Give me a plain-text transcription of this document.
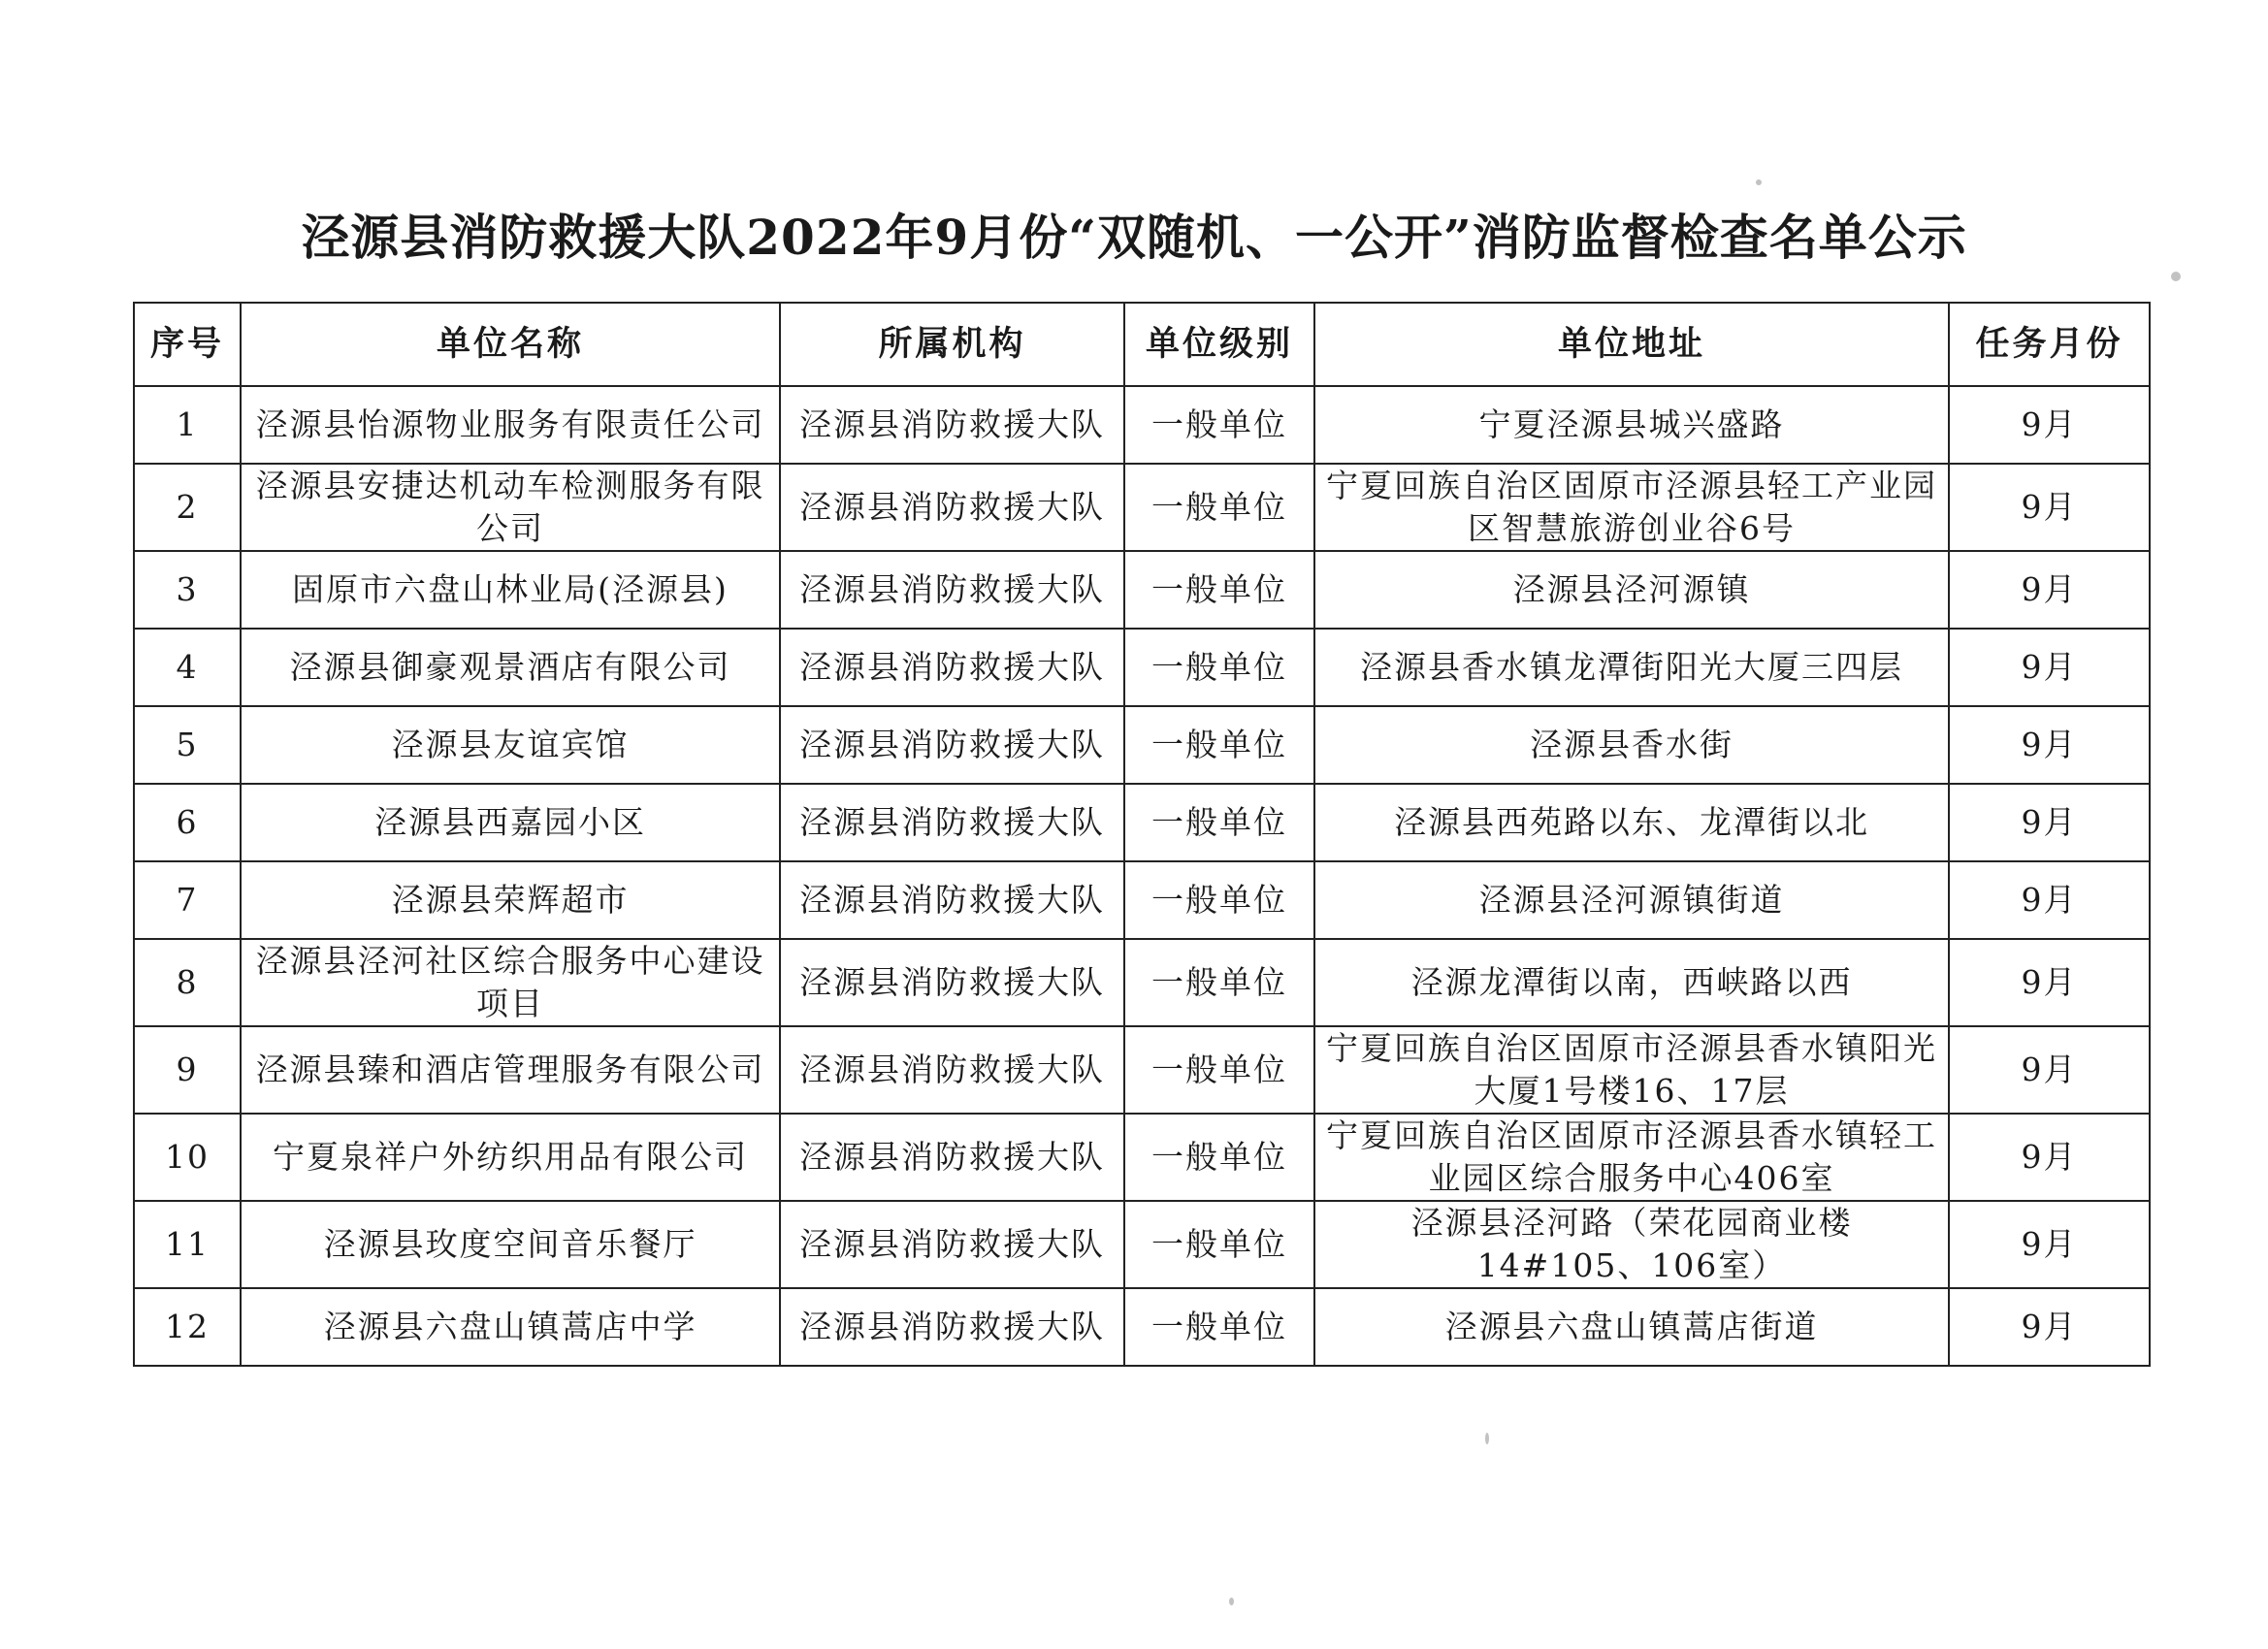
泾源县消防救援大队2022年9月份“双随机、一公开”消防监督检查名单公示
序号	单位名称	所属机构	单位级别	单位地址	任务月份
1	泾源县怡源物业服务有限责任公司	泾源县消防救援大队	一般单位	宁夏泾源县城兴盛路	9月
2	泾源县安捷达机动车检测服务有限公司	泾源县消防救援大队	一般单位	宁夏回族自治区固原市泾源县轻工产业园区智慧旅游创业谷6号	9月
3	固原市六盘山林业局(泾源县)	泾源县消防救援大队	一般单位	泾源县泾河源镇	9月
4	泾源县御豪观景酒店有限公司	泾源县消防救援大队	一般单位	泾源县香水镇龙潭街阳光大厦三四层	9月
5	泾源县友谊宾馆	泾源县消防救援大队	一般单位	泾源县香水街	9月
6	泾源县西嘉园小区	泾源县消防救援大队	一般单位	泾源县西苑路以东、龙潭街以北	9月
7	泾源县荣辉超市	泾源县消防救援大队	一般单位	泾源县泾河源镇街道	9月
8	泾源县泾河社区综合服务中心建设项目	泾源县消防救援大队	一般单位	泾源龙潭街以南，西峡路以西	9月
9	泾源县臻和酒店管理服务有限公司	泾源县消防救援大队	一般单位	宁夏回族自治区固原市泾源县香水镇阳光大厦1号楼16、17层	9月
10	宁夏泉祥户外纺织用品有限公司	泾源县消防救援大队	一般单位	宁夏回族自治区固原市泾源县香水镇轻工业园区综合服务中心406室	9月
11	泾源县玫度空间音乐餐厅	泾源县消防救援大队	一般单位	泾源县泾河路（荣花园商业楼14#105、106室）	9月
12	泾源县六盘山镇蒿店中学	泾源县消防救援大队	一般单位	泾源县六盘山镇蒿店街道	9月
